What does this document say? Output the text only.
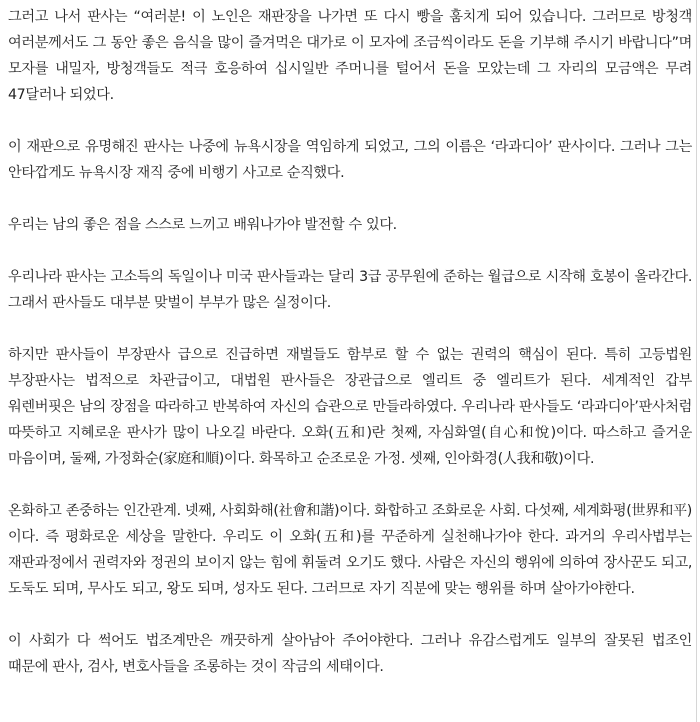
그러고 나서 판사는 “여러분! 이 노인은 재판장을 나가면 또 다시 빵을 훔치게 되어 있습니다. 그러므로 방청객 여러분께서도 그 동안 좋은 음식을 많이 즐겨먹은 대가로 이 모자에 조금씩이라도 돈을 기부해 주시기 바랍니다”며 모자를 내밀자, 방청객들도 적극 호응하여 십시일반 주머니를 털어서 돈을 모았는데 그 자리의 모금액은 무려 47달러나 되었다.

이 재판으로 유명해진 판사는 나중에 뉴욕시장을 역임하게 되었고, 그의 이름은 ‘라과디아’ 판사이다. 그러나 그는 안타깝게도 뉴욕시장 재직 중에 비행기 사고로 순직했다.

우리는 남의 좋은 점을 스스로 느끼고 배워나가야 발전할 수 있다.

우리나라 판사는 고소득의 독일이나 미국 판사들과는 달리 3급 공무원에 준하는 월급으로 시작해 호봉이 올라간다. 그래서 판사들도 대부분 맞벌이 부부가 많은 실정이다.

하지만 판사들이 부장판사 급으로 진급하면 재벌들도 함부로 할 수 없는 권력의 핵심이 된다. 특히 고등법원 부장판사는 법적으로 차관급이고, 대법원 판사들은 장관급으로 엘리트 중 엘리트가 된다. 세계적인 갑부 워렌버핏은 남의 장점을 따라하고 반복하여 자신의 습관으로 만들라하였다. 우리나라 판사들도 ‘라과디아’판사처럼 따뜻하고 지혜로운 판사가 많이 나오길 바란다. 오화(五和)란 첫째, 자심화열(自心和悅)이다. 따스하고 즐거운 마음이며, 둘째, 가정화순(家庭和順)이다. 화목하고 순조로운 가정. 셋째, 인아화경(人我和敬)이다.

온화하고 존중하는 인간관계. 넷째, 사회화해(社會和諧)이다. 화합하고 조화로운 사회. 다섯째, 세계화평(世界和平)이다. 즉 평화로운 세상을 말한다. 우리도 이 오화(五和)를 꾸준하게 실천해나가야 한다. 과거의 우리사법부는 재판과정에서 권력자와 정권의 보이지 않는 힘에 휘둘려 오기도 했다. 사람은 자신의 행위에 의하여 장사꾼도 되고, 도둑도 되며, 무사도 되고, 왕도 되며, 성자도 된다. 그러므로 자기 직분에 맞는 행위를 하며 살아가야한다.

이 사회가 다 썩어도 법조계만은 깨끗하게 살아남아 주어야한다. 그러나 유감스럽게도 일부의 잘못된 법조인 때문에 판사, 검사, 변호사들을 조롱하는 것이 작금의 세태이다.
